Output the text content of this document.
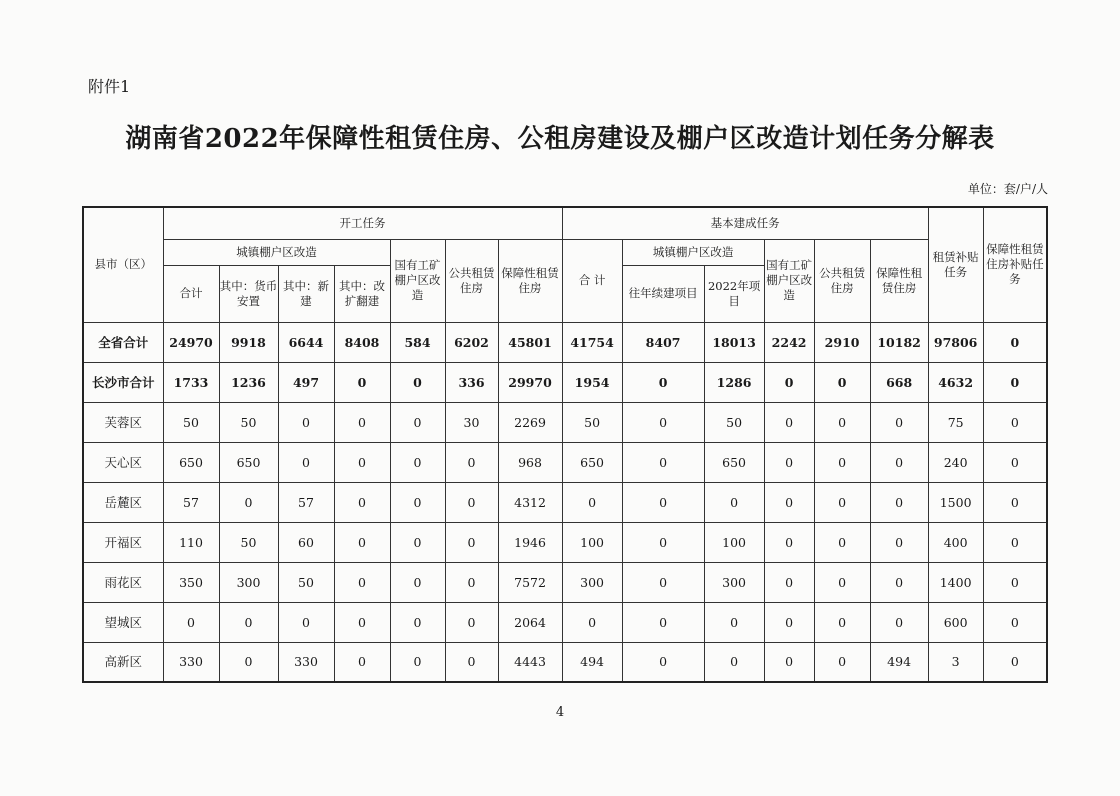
附件1
湖南省2022年保障性租赁住房、公租房建设及棚户区改造计划任务分解表
单位：套/户/人
县市（区）	开工任务							基本建成任务						租赁补贴任务	保障性租赁住房补贴任务
	城镇棚户区改造				国有工矿棚户区改造	公共租赁住房	保障性租赁住房	合 计	城镇棚户区改造		国有工矿棚户区改造	公共租赁住房	保障性租赁住房		
	合计	其中：货币安置	其中：新建	其中：改扩翻建					往年续建项目	2022年项目					
全省合计	24970	9918	6644	8408	584	6202	45801	41754	8407	18013	2242	2910	10182	97806	0
长沙市合计	1733	1236	497	0	0	336	29970	1954	0	1286	0	0	668	4632	0
芙蓉区	50	50	0	0	0	30	2269	50	0	50	0	0	0	75	0
天心区	650	650	0	0	0	0	968	650	0	650	0	0	0	240	0
岳麓区	57	0	57	0	0	0	4312	0	0	0	0	0	0	1500	0
开福区	110	50	60	0	0	0	1946	100	0	100	0	0	0	400	0
雨花区	350	300	50	0	0	0	7572	300	0	300	0	0	0	1400	0
望城区	0	0	0	0	0	0	2064	0	0	0	0	0	0	600	0
高新区	330	0	330	0	0	0	4443	494	0	0	0	0	494	3	0
4
